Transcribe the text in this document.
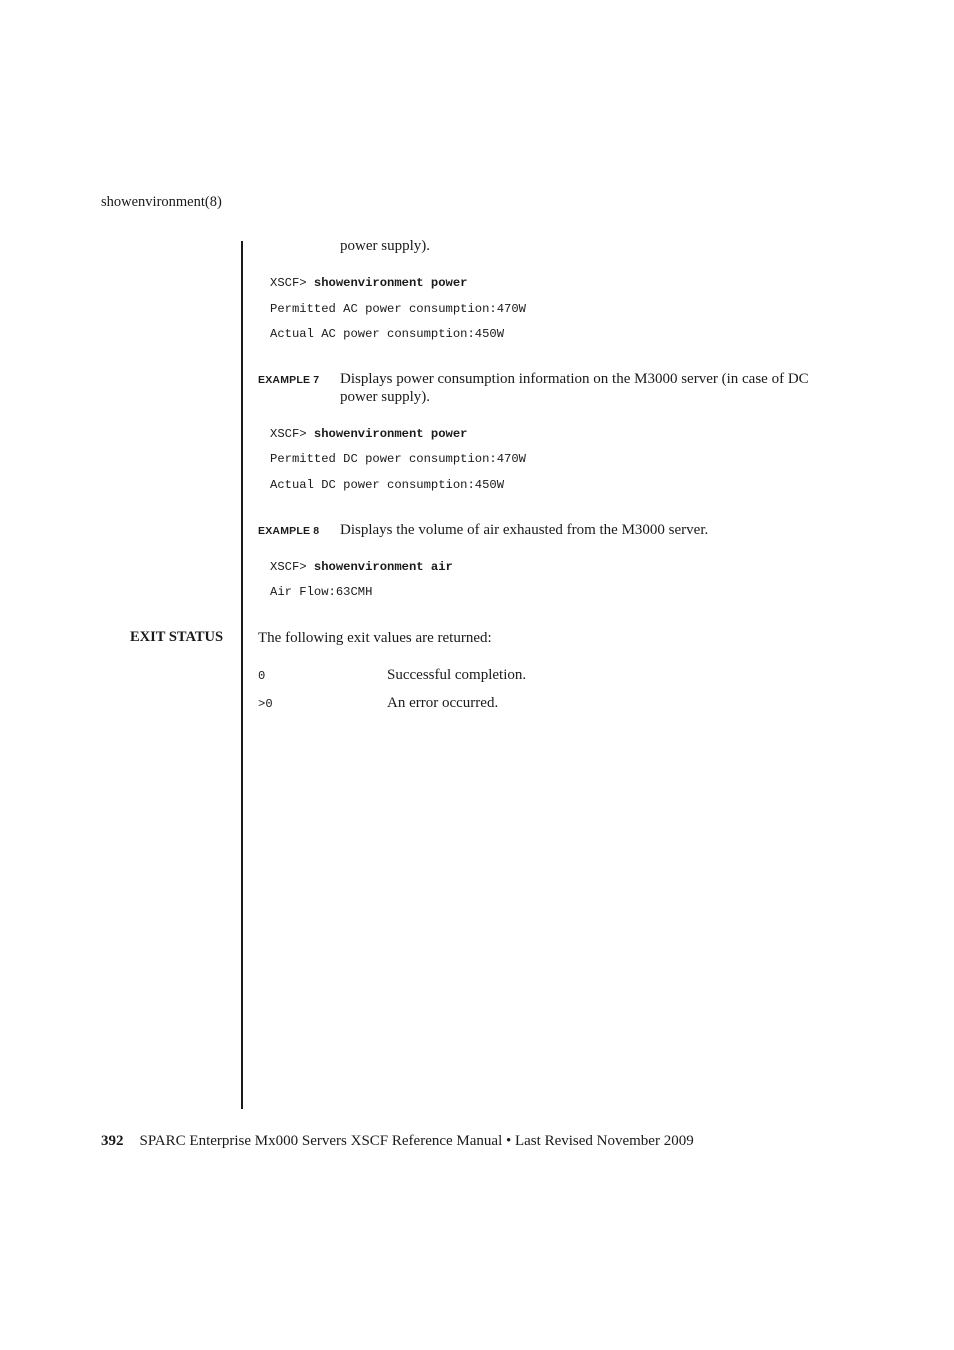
showenvironment(8)
power supply).
XSCF> showenvironment power
Permitted AC power consumption:470W
Actual AC power consumption:450W
EXAMPLE 7 Displays power consumption information on the M3000 server (in case of DC power supply).
XSCF> showenvironment power
Permitted DC power consumption:470W
Actual DC power consumption:450W
EXAMPLE 8 Displays the volume of air exhausted from the M3000 server.
XSCF> showenvironment air
Air Flow:63CMH
EXIT STATUS The following exit values are returned:
0	Successful completion.
>0	An error occurred.
392 SPARC Enterprise Mx000 Servers XSCF Reference Manual • Last Revised November 2009
